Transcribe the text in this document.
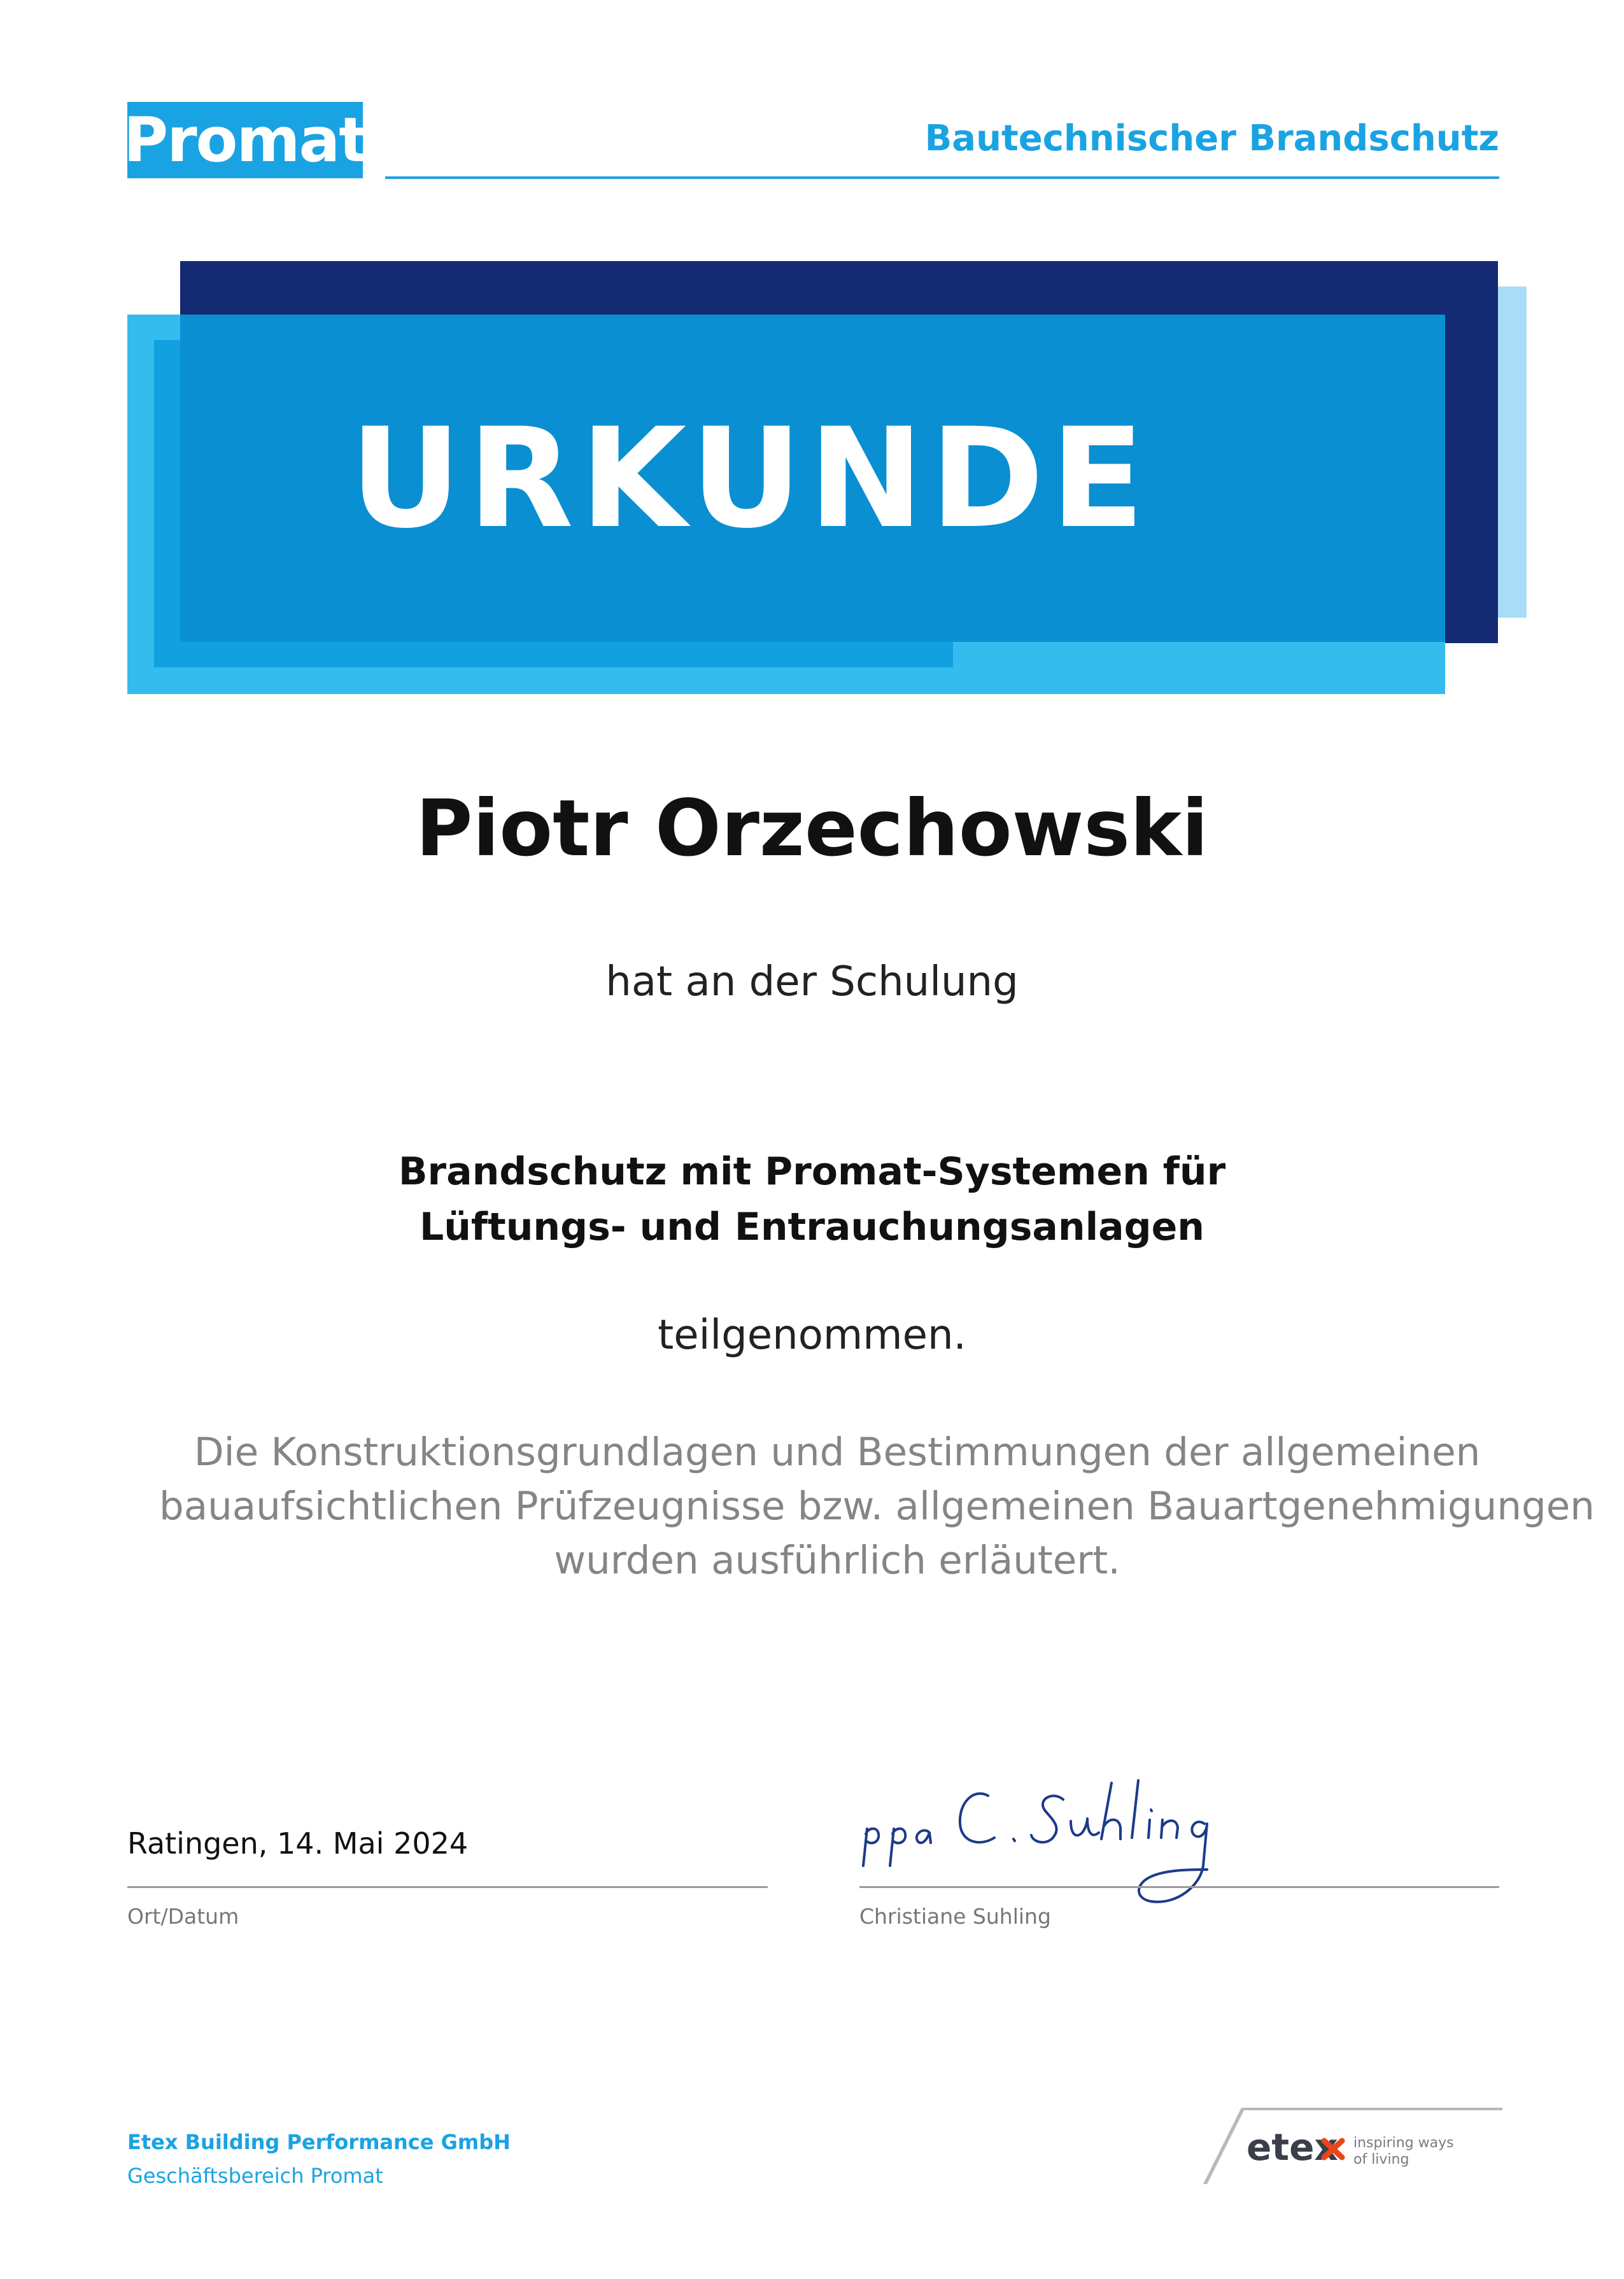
Promat	Bautechnischer Brandschutz
URKUNDE
Piotr Orzechowski
hat an der Schulung
Brandschutz mit Promat-Systemen für
Lüftungs- und Entrauchungsanlagen
teilgenommen.
Die Konstruktionsgrundlagen und Bestimmungen der allgemeinen
bauaufsichtlichen Prüfzeugnisse bzw. allgemeinen Bauartgenehmigungen
wurden ausführlich erläutert.
Ratingen, 14. Mai 2024
Ort/Datum	Christiane Suhling
Etex Building Performance GmbH
Geschäftsbereich Promat
etex inspiring ways
of living
